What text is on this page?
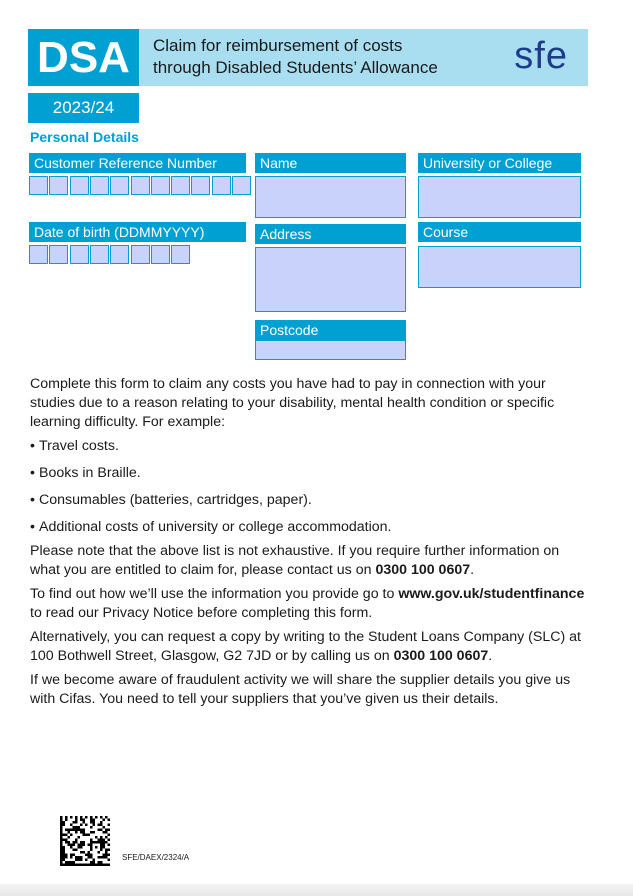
DSA	Claim for reimbursement of costs
through Disabled Students’ Allowance sfe
2023/24
Personal Details
Customer Reference Number
Date of birth (DDMMYYYY)
Name
Address
Postcode
University or College
Course

Complete this form to claim any costs you have had to pay in connection with your studies due to a reason relating to your disability, mental health condition or specific learning difficulty. For example:

• Travel costs.
• Books in Braille.
• Consumables (batteries, cartridges, paper).
• Additional costs of university or college accommodation.

Please note that the above list is not exhaustive. If you require further information on what you are entitled to claim for, please contact us on 0300 100 0607.

To find out how we’ll use the information you provide go to www.gov.uk/studentfinance to read our Privacy Notice before completing this form.

Alternatively, you can request a copy by writing to the Student Loans Company (SLC) at 100 Bothwell Street, Glasgow, G2 7JD or by calling us on 0300 100 0607.

If we become aware of fraudulent activity we will share the supplier details you give us with Cifas. You need to tell your suppliers that you’ve given us their details.

SFE/DAEX/2324/A
